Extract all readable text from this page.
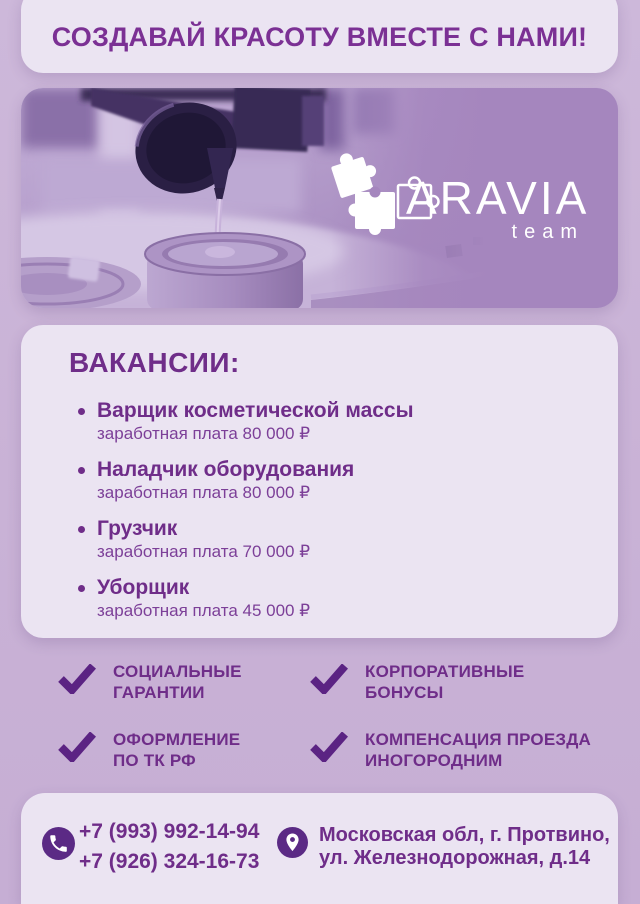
СОЗДАВАЙ КРАСОТУ ВМЕСТЕ С НАМИ!
ARAVIA
team
ВАКАНСИИ:
Варщик косметической массы
заработная плата 80 000 ₽
Наладчик оборудования
заработная плата 80 000 ₽
Грузчик
заработная плата 70 000 ₽
Уборщик
заработная плата 45 000 ₽
СОЦИАЛЬНЫЕ
ГАРАНТИИ
КОРПОРАТИВНЫЕ
БОНУСЫ
ОФОРМЛЕНИЕ
ПО ТК РФ
КОМПЕНСАЦИЯ ПРОЕЗДА
ИНОГОРОДНИМ
+7 (993) 992-14-94
+7 (926) 324-16-73
Московская обл, г. Протвино,
ул. Железнодорожная, д.14
